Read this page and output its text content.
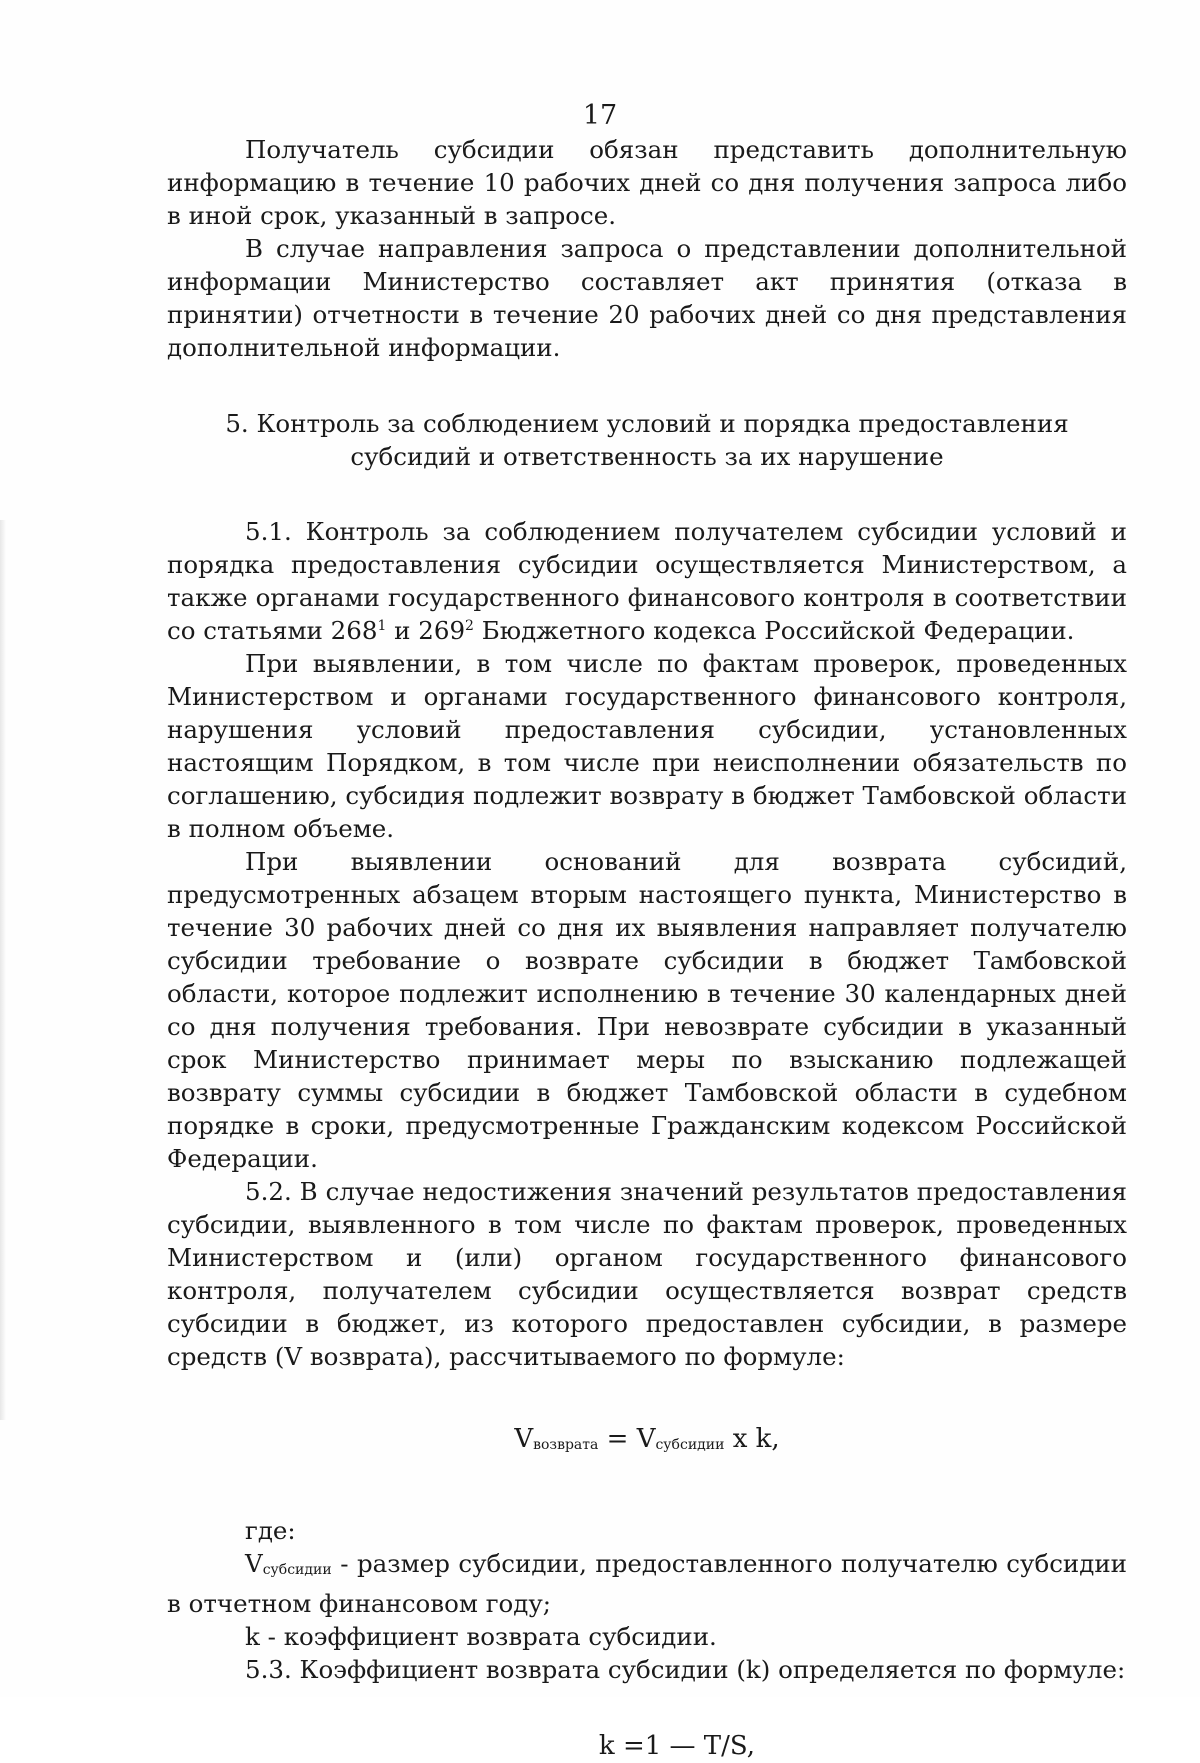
17

Получатель субсидии обязан представить дополнительную информацию в течение 10 рабочих дней со дня получения запроса либо в иной срок, указанный в запросе.

В случае направления запроса о представлении дополнительной информации Министерство составляет акт принятия (отказа в принятии) отчетности в течение 20 рабочих дней со дня представления дополнительной информации.

5. Контроль за соблюдением условий и порядка предоставления
субсидий и ответственность за их нарушение

5.1. Контроль за соблюдением получателем субсидии условий и порядка предоставления субсидии осуществляется Министерством, а также органами государственного финансового контроля в соответствии со статьями $268^1$ и $269^2$ Бюджетного кодекса Российской Федерации.

При выявлении, в том числе по фактам проверок, проведенных Министерством и органами государственного финансового контроля, нарушения условий предоставления субсидии, установленных настоящим Порядком, в том числе при неисполнении обязательств по соглашению, субсидия подлежит возврату в бюджет Тамбовской области в полном объеме.

При выявлении оснований для возврата субсидий, предусмотренных абзацем вторым настоящего пункта, Министерство в течение 30 рабочих дней со дня их выявления направляет получателю субсидии требование о возврате субсидии в бюджет Тамбовской области, которое подлежит исполнению в течение 30 календарных дней со дня получения требования. При невозврате субсидии в указанный срок Министерство принимает меры по взысканию подлежащей возврату суммы субсидии в бюджет Тамбовской области в судебном порядке в сроки, предусмотренные Гражданским кодексом Российской Федерации.

5.2. В случае недостижения значений результатов предоставления субсидии, выявленного в том числе по фактам проверок, проведенных Министерством и (или) органом государственного финансового контроля, получателем субсидии осуществляется возврат средств субсидии в бюджет, из которого предоставлен субсидии, в размере средств (V возврата), рассчитываемого по формуле:

Vвозврата = Vсубсидии x k,

где:

Vсубсидии - размер субсидии, предоставленного получателю субсидии в отчетном финансовом году;

k - коэффициент возврата субсидии.

5.3. Коэффициент возврата субсидии (k) определяется по формуле:

k =1 — T/S,
